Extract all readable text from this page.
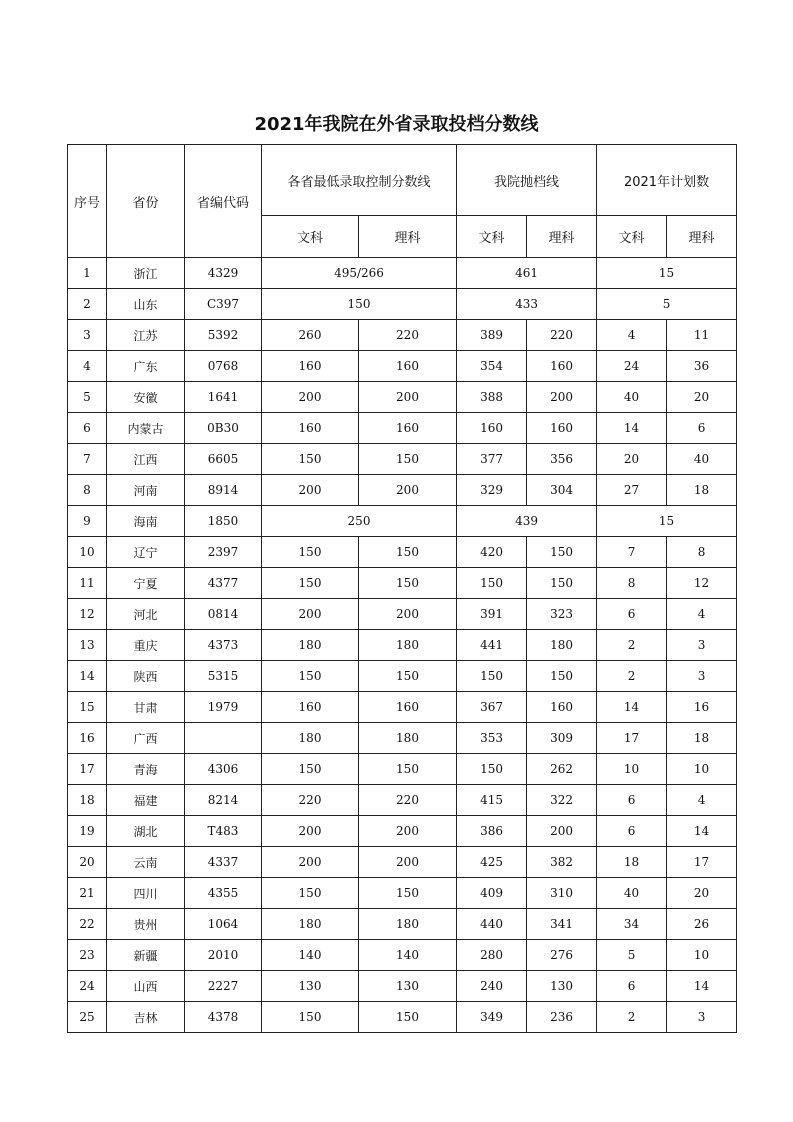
2021年我院在外省录取投档分数线
序号	省份	省编代码	各省最低录取控制分数线		我院抛档线		2021年计划数	
			文科	理科	文科	理科	文科	理科
1	浙江	4329	495/266		461		15	
2	山东	C397	150		433		5	
3	江苏	5392	260	220	389	220	4	11
4	广东	0768	160	160	354	160	24	36
5	安徽	1641	200	200	388	200	40	20
6	内蒙古	0B30	160	160	160	160	14	6
7	江西	6605	150	150	377	356	20	40
8	河南	8914	200	200	329	304	27	18
9	海南	1850	250		439		15	
10	辽宁	2397	150	150	420	150	7	8
11	宁夏	4377	150	150	150	150	8	12
12	河北	0814	200	200	391	323	6	4
13	重庆	4373	180	180	441	180	2	3
14	陕西	5315	150	150	150	150	2	3
15	甘肃	1979	160	160	367	160	14	16
16	广西		180	180	353	309	17	18
17	青海	4306	150	150	150	262	10	10
18	福建	8214	220	220	415	322	6	4
19	湖北	T483	200	200	386	200	6	14
20	云南	4337	200	200	425	382	18	17
21	四川	4355	150	150	409	310	40	20
22	贵州	1064	180	180	440	341	34	26
23	新疆	2010	140	140	280	276	5	10
24	山西	2227	130	130	240	130	6	14
25	吉林	4378	150	150	349	236	2	3
